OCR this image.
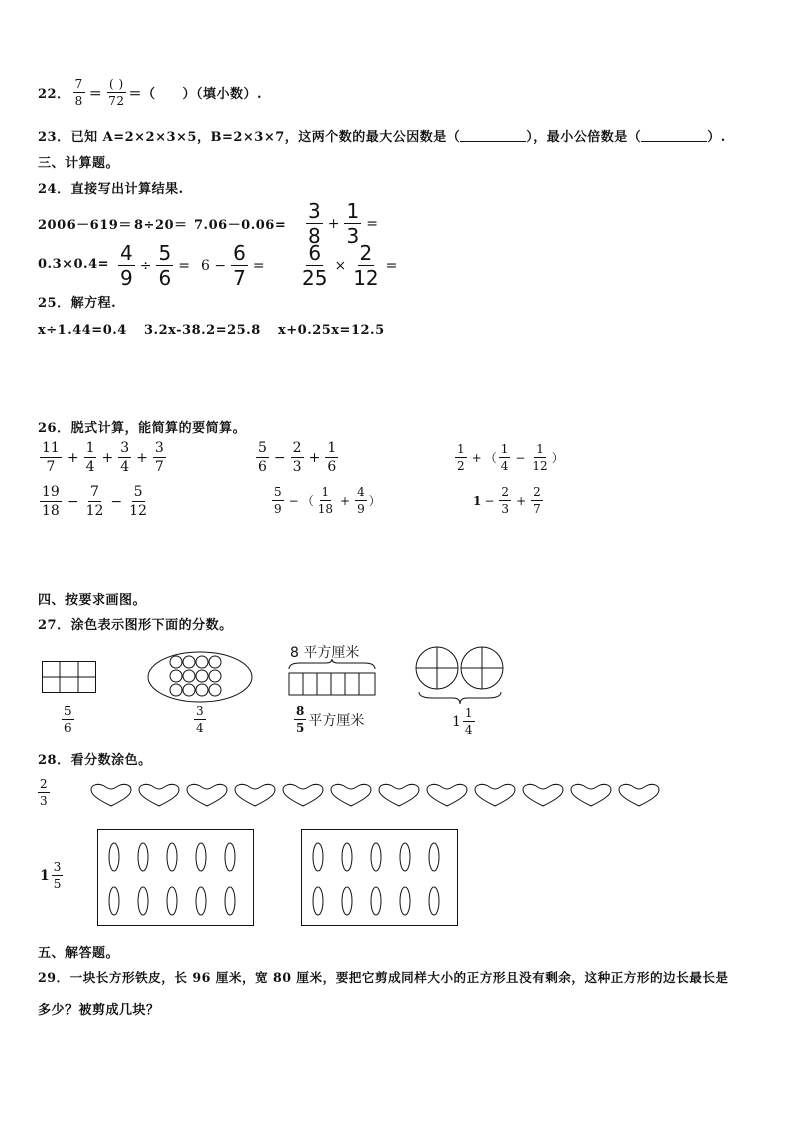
22． $\frac{7}{8} = \frac{( )}{72}$ ＝（　　）（填小数）.
23．已知 A=2×2×3×5，B=2×3×7，这两个数的最大公因数是（	），最小公倍数是（	）.
三、计算题。
24．直接写出计算结果.
$2006-619= 8\div 20= 7.06-0.06= \frac{3}{8} + \frac{1}{3}$ =
$0.3\times 0.4= \frac{4}{9} \div \frac{5}{6} = 6 - \frac{6}{7} = \frac{6}{25} \times \frac{2}{12}$ =
25．解方程.
x÷1.44=0.4 3.2x-38.2=25.8 x+0.25x=12.5
26．脱式计算，能简算的要简算。
$\frac{11}{7} + \frac{1}{4} + \frac{3}{4} + \frac{3}{7}$	$\frac{5}{6} - \frac{2}{3} + \frac{1}{6}$	$\frac{1}{2}$ + （ $\frac{1}{4} - \frac{1}{12}$ ）
$\frac{19}{18} - \frac{7}{12} - \frac{5}{12}$	$\frac{5}{9}$ − （ $\frac{1}{18} + \frac{4}{9}$ ）	$1 - \frac{2}{3} + \frac{2}{7}$
四、按要求画图。
27．涂色表示图形下面的分数。
$\frac{5}{6}$	$\frac{3}{4}$
8 平方厘米
$\frac{8}{5}$ 平方厘米	$1 \frac{1}{4}$
28．看分数涂色。
$\frac{2}{3}$
$1 \frac{3}{5}$
五、解答题。
29．一块长方形铁皮，长 96 厘米，宽 80 厘米，要把它剪成同样大小的正方形且没有剩余，这种正方形的边长最长是
多少？被剪成几块？
